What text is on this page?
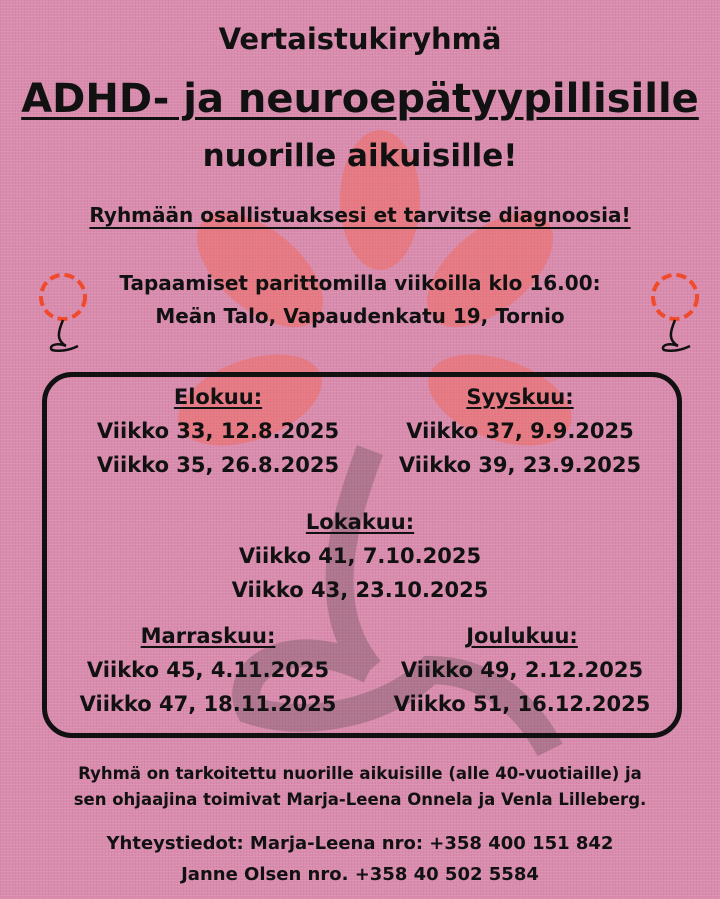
Vertaistukiryhmä
ADHD- ja neuroepätyypillisille
nuorille aikuisille!
Ryhmään osallistuaksesi et tarvitse diagnoosia!
Tapaamiset parittomilla viikoilla klo 16.00:
Meän Talo, Vapaudenkatu 19, Tornio
Elokuu:
Viikko 33, 12.8.2025
Viikko 35, 26.8.2025
Syyskuu:
Viikko 37, 9.9.2025
Viikko 39, 23.9.2025
Lokakuu:
Viikko 41, 7.10.2025
Viikko 43, 23.10.2025
Marraskuu:
Viikko 45, 4.11.2025
Viikko 47, 18.11.2025
Joulukuu:
Viikko 49, 2.12.2025
Viikko 51, 16.12.2025
Ryhmä on tarkoitettu nuorille aikuisille (alle 40-vuotiaille) ja
sen ohjaajina toimivat Marja-Leena Onnela ja Venla Lilleberg.
Yhteystiedot: Marja-Leena nro: +358 400 151 842
Janne Olsen nro. +358 40 502 5584
